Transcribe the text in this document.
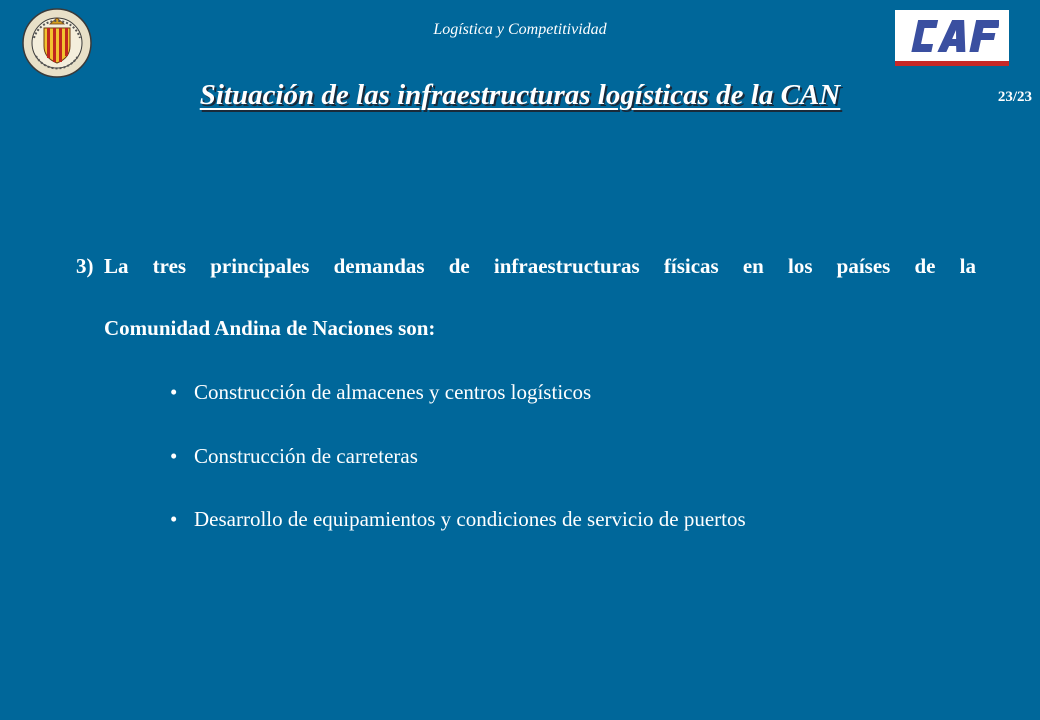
Logística y Competitividad
23/23
Situación de las infraestructuras logísticas de la CAN
3) La tres principales demandas de infraestructuras físicas en los países de la
Comunidad Andina de Naciones son:
• Construcción de almacenes y centros logísticos
• Construcción de carreteras
• Desarrollo de equipamientos y condiciones de servicio de puertos
